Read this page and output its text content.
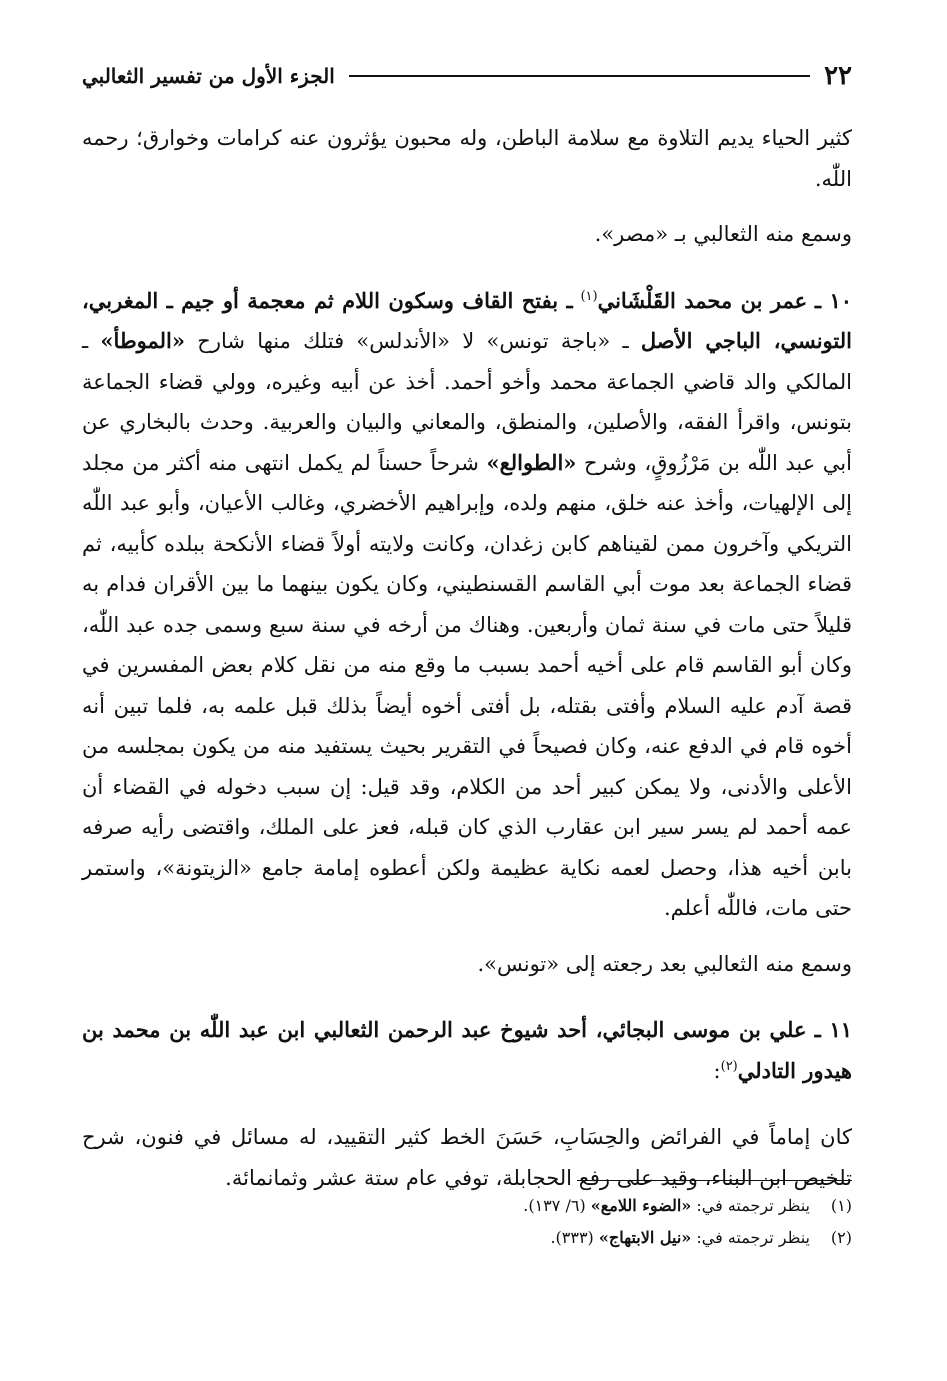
الجزء الأول من تفسير الثعالبي	٢٢

كثير الحياء يديم التلاوة مع سلامة الباطن، وله محبون يؤثرون عنه كرامات وخوارق؛ رحمه اللّٰه.

وسمع منه الثعالبي بـ «مصر».

١٠ ـ عمر بن محمد القَلْشَاني$^{(١)}$ ـ بفتح القاف وسكون اللام ثم معجمة أو جيم ـ المغربي، التونسي، الباجي الأصل ـ «باجة تونس» لا «الأندلس» فتلك منها شارح «الموطأ» ـ المالكي والد قاضي الجماعة محمد وأخو أحمد. أخذ عن أبيه وغيره، وولي قضاء الجماعة بتونس، واقرأ الفقه، والأصلين، والمنطق، والمعاني والبيان والعربية. وحدث بالبخاري عن أبي عبد اللّٰه بن مَرْزُوقٍ، وشرح «الطوالع» شرحاً حسناً لم يكمل انتهى منه أكثر من مجلد إلى الإلهيات، وأخذ عنه خلق، منهم ولده، وإبراهيم الأخضري، وغالب الأعيان، وأبو عبد اللّٰه التريكي وآخرون ممن لقيناهم كابن زغدان، وكانت ولايته أولاً قضاء الأنكحة ببلده كأبيه، ثم قضاء الجماعة بعد موت أبي القاسم القسنطيني، وكان يكون بينهما ما بين الأقران فدام به قليلاً حتى مات في سنة ثمان وأربعين. وهناك من أرخه في سنة سبع وسمى جده عبد اللّٰه، وكان أبو القاسم قام على أخيه أحمد بسبب ما وقع منه من نقل كلام بعض المفسرين في قصة آدم عليه السلام وأفتى بقتله، بل أفتى أخوه أيضاً بذلك قبل علمه به، فلما تبين أنه أخوه قام في الدفع عنه، وكان فصيحاً في التقرير بحيث يستفيد منه من يكون بمجلسه من الأعلى والأدنى، ولا يمكن كبير أحد من الكلام، وقد قيل: إن سبب دخوله في القضاء أن عمه أحمد لم يسر سير ابن عقارب الذي كان قبله، فعز على الملك، واقتضى رأيه صرفه بابن أخيه هذا، وحصل لعمه نكاية عظيمة ولكن أعطوه إمامة جامع «الزيتونة»، واستمر حتى مات، فاللّٰه أعلم.

وسمع منه الثعالبي بعد رجعته إلى «تونس».

١١ ـ علي بن موسى البجائي، أحد شيوخ عبد الرحمن الثعالبي ابن عبد اللّٰه بن محمد بن هيدور التادلي$^{(٢)}$:

كان إماماً في الفرائض والحِسَابِ، حَسَنَ الخط كثير التقييد، له مسائل في فنون، شرح تلخيص ابن البناء، وقيد على رفع الحجابلة، توفي عام ستة عشر وثمانمائة.

(١)ينظر ترجمته في: «الضوء اللامع» (٦/ ١٣٧).

(٢)ينظر ترجمته في: «نيل الابتهاج» (٣٣٣).
